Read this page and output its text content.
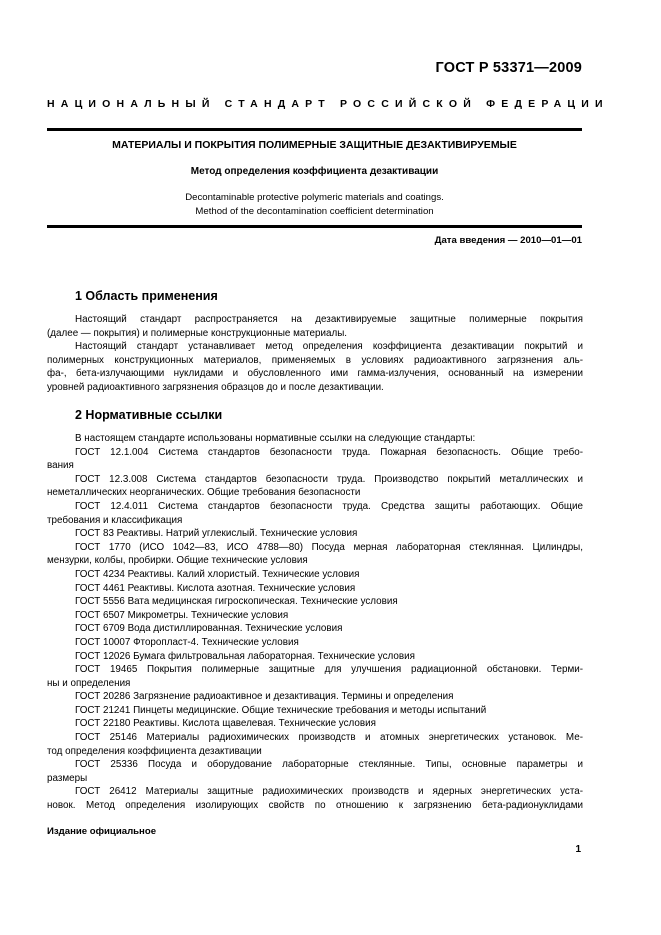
ГОСТ Р 53371—2009
НАЦИОНАЛЬНЫЙ СТАНДАРТ РОССИЙСКОЙ ФЕДЕРАЦИИ
МАТЕРИАЛЫ И ПОКРЫТИЯ ПОЛИМЕРНЫЕ ЗАЩИТНЫЕ ДЕЗАКТИВИРУЕМЫЕ
Метод определения коэффициента дезактивации
Decontaminable protective polymeric materials and coatings.
Method of the decontamination coefficient determination
Дата введения — 2010—01—01
1 Область применения
Настоящий стандарт распространяется на дезактивируемые защитные полимерные покрытия
(далее — покрытия) и полимерные конструкционные материалы.
Настоящий стандарт устанавливает метод определения коэффициента дезактивации покрытий и
полимерных конструкционных материалов, применяемых в условиях радиоактивного загрязнения аль-
фа-, бета-излучающими нуклидами и обусловленного ими гамма-излучения, основанный на измерении
уровней радиоактивного загрязнения образцов до и после дезактивации.
2 Нормативные ссылки
В настоящем стандарте использованы нормативные ссылки на следующие стандарты:
ГОСТ 12.1.004 Система стандартов безопасности труда. Пожарная безопасность. Общие требо-
вания
ГОСТ 12.3.008 Система стандартов безопасности труда. Производство покрытий металлических и
неметаллических неорганических. Общие требования безопасности
ГОСТ 12.4.011 Система стандартов безопасности труда. Средства защиты работающих. Общие
требования и классификация
ГОСТ 83 Реактивы. Натрий углекислый. Технические условия
ГОСТ 1770 (ИСО 1042—83, ИСО 4788—80) Посуда мерная лабораторная стеклянная. Цилиндры,
мензурки, колбы, пробирки. Общие технические условия
ГОСТ 4234 Реактивы. Калий хлористый. Технические условия
ГОСТ 4461 Реактивы. Кислота азотная. Технические условия
ГОСТ 5556 Вата медицинская гигроскопическая. Технические условия
ГОСТ 6507 Микрометры. Технические условия
ГОСТ 6709 Вода дистиллированная. Технические условия
ГОСТ 10007 Фторопласт-4. Технические условия
ГОСТ 12026 Бумага фильтровальная лабораторная. Технические условия
ГОСТ 19465 Покрытия полимерные защитные для улучшения радиационной обстановки. Терми-
ны и определения
ГОСТ 20286 Загрязнение радиоактивное и дезактивация. Термины и определения
ГОСТ 21241 Пинцеты медицинские. Общие технические требования и методы испытаний
ГОСТ 22180 Реактивы. Кислота щавелевая. Технические условия
ГОСТ 25146 Материалы радиохимических производств и атомных энергетических установок. Ме-
тод определения коэффициента дезактивации
ГОСТ 25336 Посуда и оборудование лабораторные стеклянные. Типы, основные параметры и
размеры
ГОСТ 26412 Материалы защитные радиохимических производств и ядерных энергетических уста-
новок. Метод определения изолирующих свойств по отношению к загрязнению бета-радионуклидами
Издание официальное
1
